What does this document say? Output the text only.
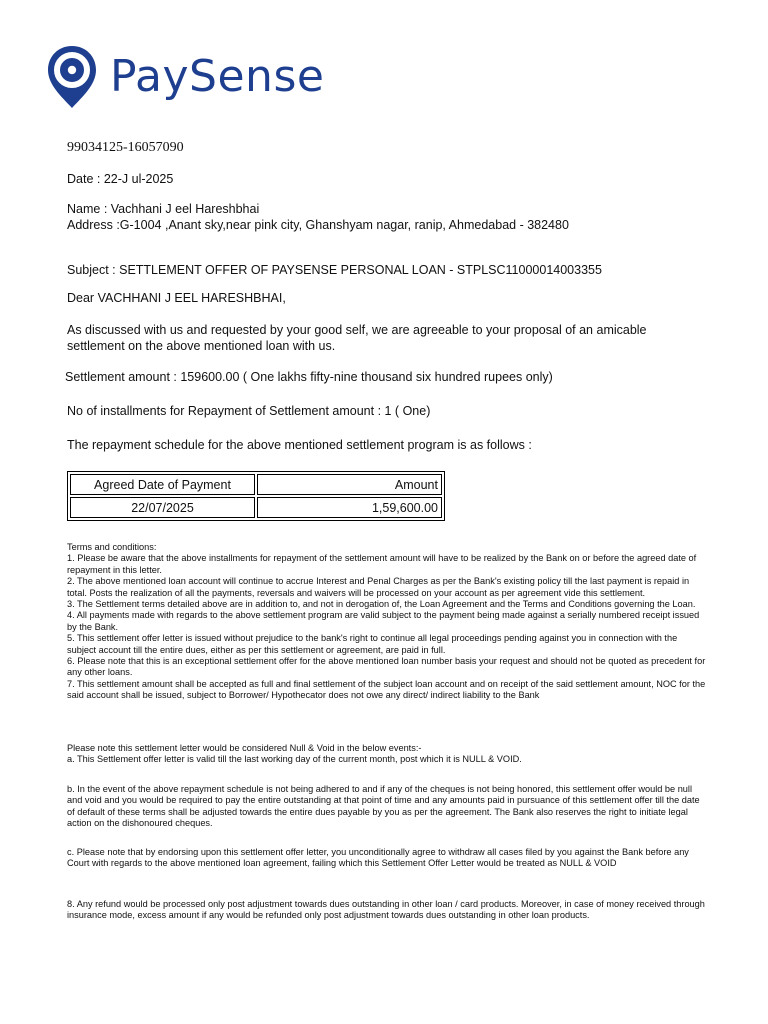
PaySense
99034125-16057090
Date : 22-J ul-2025
Name : Vachhani J eel Hareshbhai
Address :G-1004 ,Anant sky,near pink city, Ghanshyam nagar, ranip, Ahmedabad - 382480
Subject : SETTLEMENT OFFER OF PAYSENSE PERSONAL LOAN - STPLSC11000014003355
Dear VACHHANI J EEL HARESHBHAI,
As discussed with us and requested by your good self, we are agreeable to your proposal of an amicable settlement on the above mentioned loan with us.
Settlement amount : 159600.00 ( One lakhs fifty-nine thousand six hundred rupees only)
No of installments for Repayment of Settlement amount : 1 ( One)
The repayment schedule for the above mentioned settlement program is as follows :
Agreed Date of Payment	Amount
22/07/2025	1,59,600.00

Terms and conditions:

1. Please be aware that the above installments for repayment of the settlement amount will have to be realized by the Bank on or before the agreed date of repayment in this letter.

2. The above mentioned loan account will continue to accrue Interest and Penal Charges as per the Bank's existing policy till the last payment is repaid in total. Posts the realization of all the payments, reversals and waivers will be processed on your account as per agreement vide this settlement.

3. The Settlement terms detailed above are in addition to, and not in derogation of, the Loan Agreement and the Terms and Conditions governing the Loan.

4. All payments made with regards to the above settlement program are valid subject to the payment being made against a serially numbered receipt issued by the Bank.

5. This settlement offer letter is issued without prejudice to the bank's right to continue all legal proceedings pending against you in connection with the subject account till the entire dues, either as per this settlement or agreement, are paid in full.

6. Please note that this is an exceptional settlement offer for the above mentioned loan number basis your request and should not be quoted as precedent for any other loans.

7. This settlement amount shall be accepted as full and final settlement of the subject loan account and on receipt of the said settlement amount, NOC for the said account shall be issued, subject to Borrower/ Hypothecator does not owe any direct/ indirect liability to the Bank

Please note this settlement letter would be considered Null & Void in the below events:-

a. This Settlement offer letter is valid till the last working day of the current month, post which it is NULL & VOID.

b. In the event of the above repayment schedule is not being adhered to and if any of the cheques is not being honored, this settlement offer would be null and void and you would be required to pay the entire outstanding at that point of time and any amounts paid in pursuance of this settlement offer till the date of default of these terms shall be adjusted towards the entire dues payable by you as per the agreement. The Bank also reserves the right to initiate legal action on the dishonoured cheques.
c. Please note that by endorsing upon this settlement offer letter, you unconditionally agree to withdraw all cases filed by you against the Bank before any Court with regards to the above mentioned loan agreement, failing which this Settlement Offer Letter would be treated as NULL & VOID
8. Any refund would be processed only post adjustment towards dues outstanding in other loan / card products. Moreover, in case of money received through insurance mode, excess amount if any would be refunded only post adjustment towards dues outstanding in other loan products.
